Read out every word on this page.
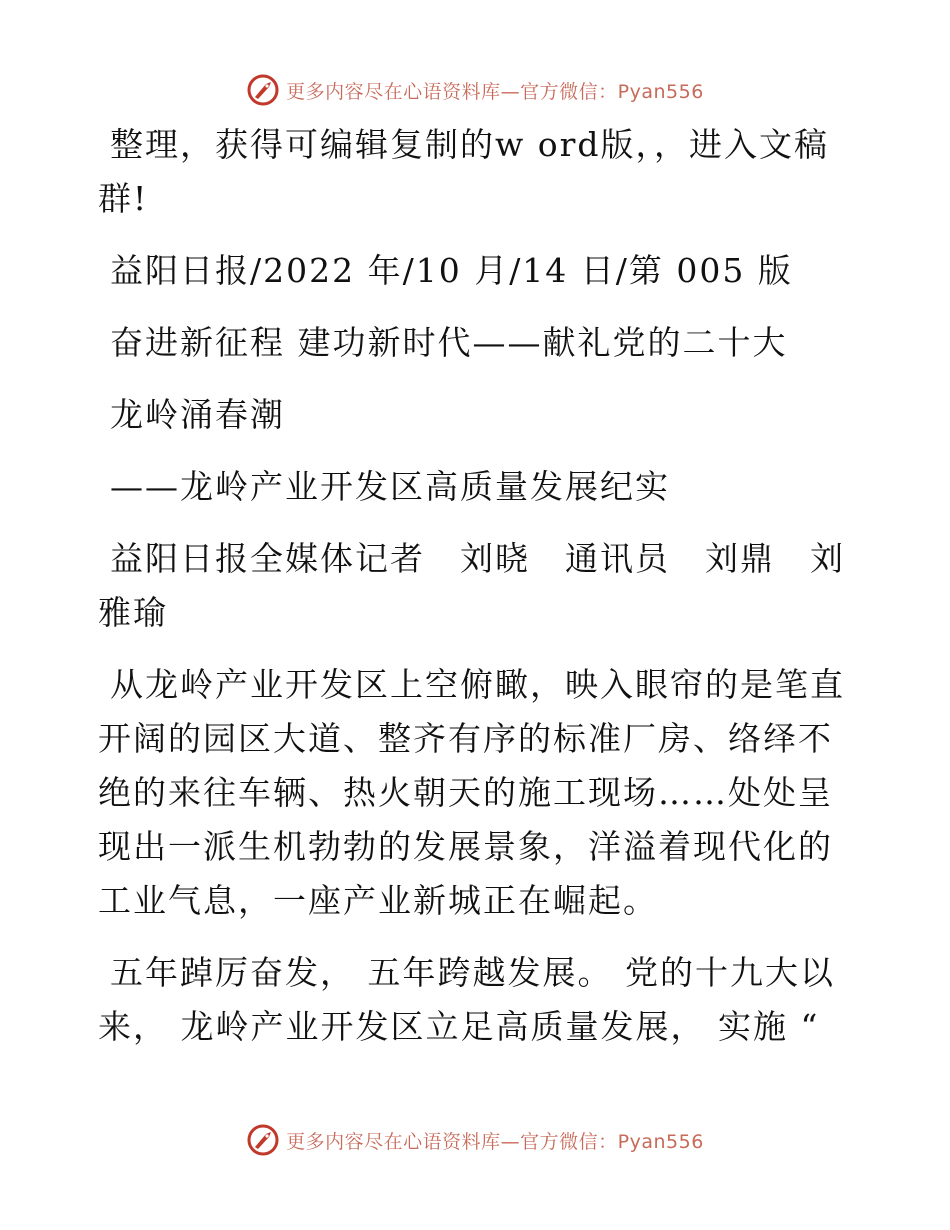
更多内容尽在心语资料库—官方微信：Pyan556

整理，获得可编辑复制的w ord版，，进入文稿群!

益阳日报/2022 年/10 月/14 日/第 005 版

奋进新征程 建功新时代——献礼党的二十大

龙岭涌春潮

——龙岭产业开发区高质量发展纪实

益阳日报全媒体记者　刘晓　通讯员　刘鼎　刘雅瑜

从龙岭产业开发区上空俯瞰，映入眼帘的是笔直开阔的园区大道、整齐有序的标准厂房、络绎不绝的来往车辆、热火朝天的施工现场……处处呈现出一派生机勃勃的发展景象，洋溢着现代化的工业气息，一座产业新城正在崛起。

五年踔厉奋发， 五年跨越发展。 党的十九大以来， 龙岭产业开发区立足高质量发展， 实施 “

更多内容尽在心语资料库—官方微信：Pyan556
